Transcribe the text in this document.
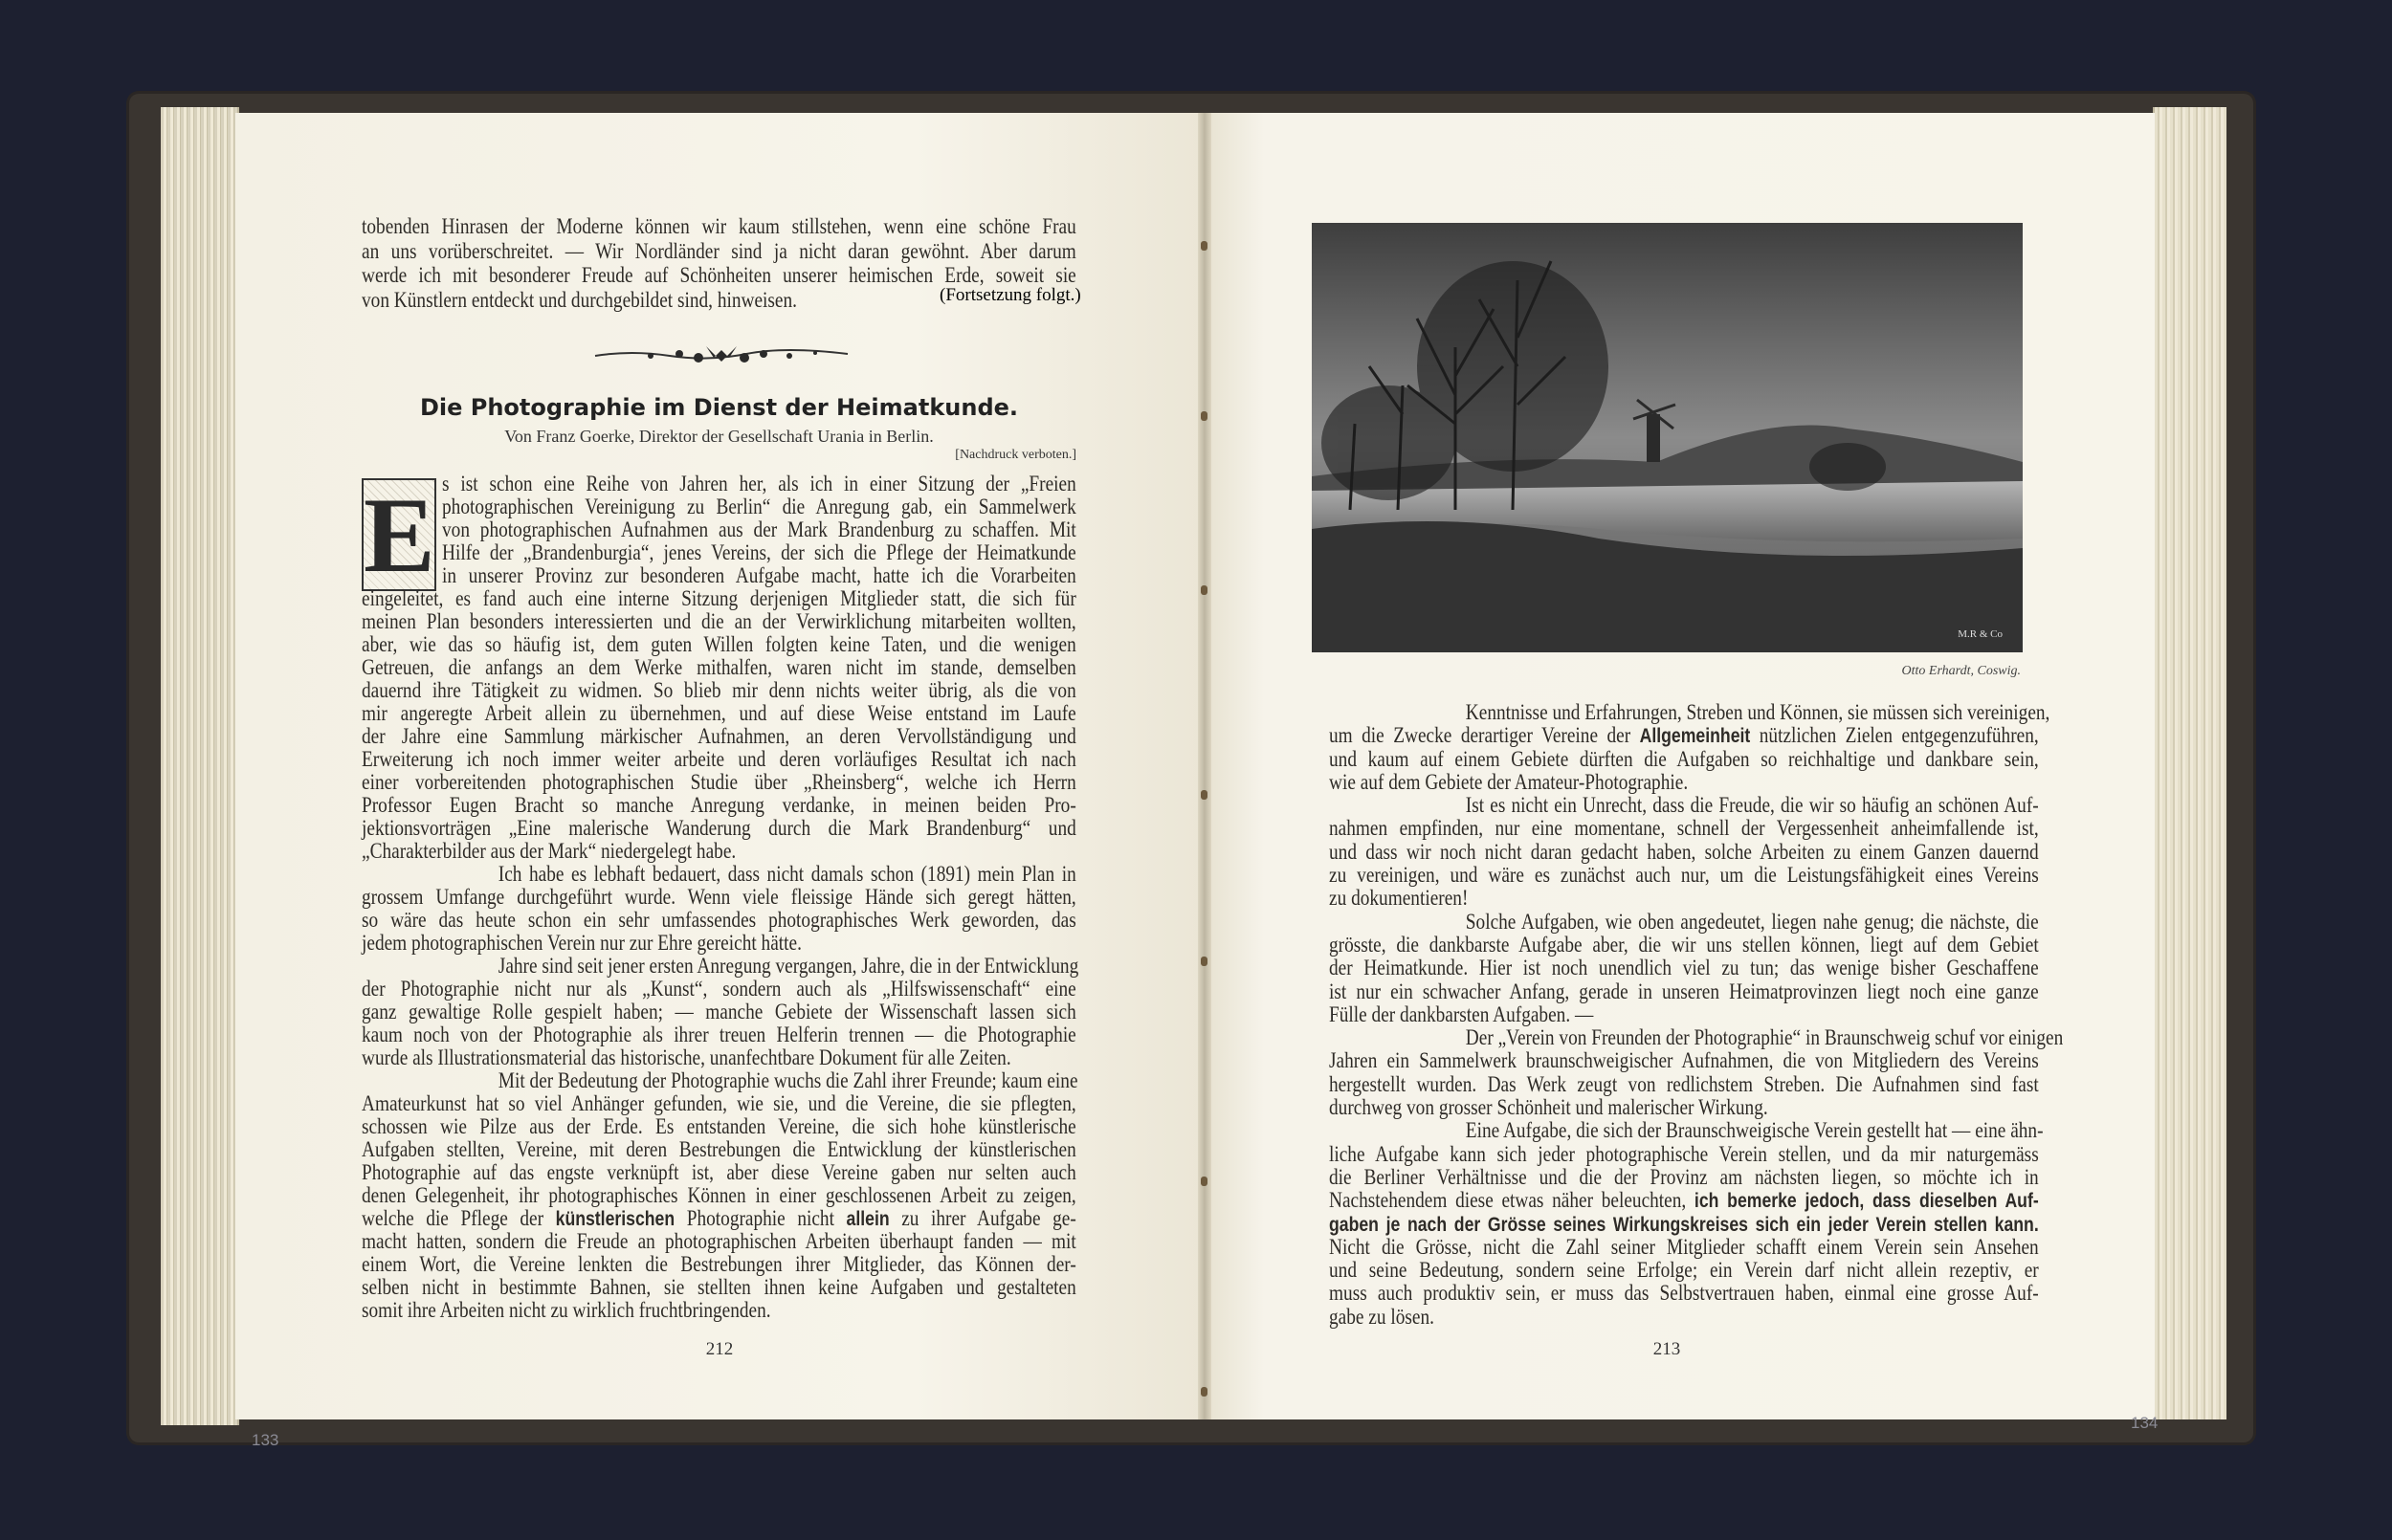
tobenden Hinrasen der Moderne können wir kaum stillstehen, wenn eine schöne Frau
an uns vorüberschreitet. — Wir Nordländer sind ja nicht daran gewöhnt. Aber darum
werde ich mit besonderer Freude auf Schönheiten unserer heimischen Erde, soweit sie
von Künstlern entdeckt und durchgebildet sind, hinweisen.	(Fortsetzung folgt.)
Die Photographie im Dienst der Heimatkunde.
Von Franz Goerke, Direktor der Gesellschaft Urania in Berlin.
[Nachdruck verboten.]
E s ist schon eine Reihe von Jahren her, als ich in einer Sitzung der „Freien
photographischen Vereinigung zu Berlin“ die Anregung gab, ein Sammelwerk
von photographischen Aufnahmen aus der Mark Brandenburg zu schaffen. Mit
Hilfe der „Brandenburgia“, jenes Vereins, der sich die Pflege der Heimatkunde
in unserer Provinz zur besonderen Aufgabe macht, hatte ich die Vorarbeiten
eingeleitet, es fand auch eine interne Sitzung derjenigen Mitglieder statt, die sich für
meinen Plan besonders interessierten und die an der Verwirklichung mitarbeiten wollten,
aber, wie das so häufig ist, dem guten Willen folgten keine Taten, und die wenigen
Getreuen, die anfangs an dem Werke mithalfen, waren nicht im stande, demselben
dauernd ihre Tätigkeit zu widmen. So blieb mir denn nichts weiter übrig, als die von
mir angeregte Arbeit allein zu übernehmen, und auf diese Weise entstand im Laufe
der Jahre eine Sammlung märkischer Aufnahmen, an deren Vervollständigung und
Erweiterung ich noch immer weiter arbeite und deren vorläufiges Resultat ich nach
einer vorbereitenden photographischen Studie über „Rheinsberg“, welche ich Herrn
Professor Eugen Bracht so manche Anregung verdanke, in meinen beiden Pro-
jektionsvorträgen „Eine malerische Wanderung durch die Mark Brandenburg“ und
„Charakterbilder aus der Mark“ niedergelegt habe.
Ich habe es lebhaft bedauert, dass nicht damals schon (1891) mein Plan in
grossem Umfange durchgeführt wurde. Wenn viele fleissige Hände sich geregt hätten,
so wäre das heute schon ein sehr umfassendes photographisches Werk geworden, das
jedem photographischen Verein nur zur Ehre gereicht hätte.
Jahre sind seit jener ersten Anregung vergangen, Jahre, die in der Entwicklung
der Photographie nicht nur als „Kunst“, sondern auch als „Hilfswissenschaft“ eine
ganz gewaltige Rolle gespielt haben; — manche Gebiete der Wissenschaft lassen sich
kaum noch von der Photographie als ihrer treuen Helferin trennen — die Photographie
wurde als Illustrationsmaterial das historische, unanfechtbare Dokument für alle Zeiten.
Mit der Bedeutung der Photographie wuchs die Zahl ihrer Freunde; kaum eine
Amateurkunst hat so viel Anhänger gefunden, wie sie, und die Vereine, die sie pflegten,
schossen wie Pilze aus der Erde. Es entstanden Vereine, die sich hohe künstlerische
Aufgaben stellten, Vereine, mit deren Bestrebungen die Entwicklung der künstlerischen
Photographie auf das engste verknüpft ist, aber diese Vereine gaben nur selten auch
denen Gelegenheit, ihr photographisches Können in einer geschlossenen Arbeit zu zeigen,
welche die Pflege der künstlerischen Photographie nicht allein zu ihrer Aufgabe ge-
macht hatten, sondern die Freude an photographischen Arbeiten überhaupt fanden — mit
einem Wort, die Vereine lenkten die Bestrebungen ihrer Mitglieder, das Können der-
selben nicht in bestimmte Bahnen, sie stellten ihnen keine Aufgaben und gestalteten
somit ihre Arbeiten nicht zu wirklich fruchtbringenden.
212
133
M.R & Co
Otto Erhardt, Coswig.
Kenntnisse und Erfahrungen, Streben und Können, sie müssen sich vereinigen,
um die Zwecke derartiger Vereine der Allgemeinheit nützlichen Zielen entgegenzuführen,
und kaum auf einem Gebiete dürften die Aufgaben so reichhaltige und dankbare sein,
wie auf dem Gebiete der Amateur-Photographie.
Ist es nicht ein Unrecht, dass die Freude, die wir so häufig an schönen Auf-
nahmen empfinden, nur eine momentane, schnell der Vergessenheit anheimfallende ist,
und dass wir noch nicht daran gedacht haben, solche Arbeiten zu einem Ganzen dauernd
zu vereinigen, und wäre es zunächst auch nur, um die Leistungsfähigkeit eines Vereins
zu dokumentieren!
Solche Aufgaben, wie oben angedeutet, liegen nahe genug; die nächste, die
grösste, die dankbarste Aufgabe aber, die wir uns stellen können, liegt auf dem Gebiet
der Heimatkunde. Hier ist noch unendlich viel zu tun; das wenige bisher Geschaffene
ist nur ein schwacher Anfang, gerade in unseren Heimatprovinzen liegt noch eine ganze
Fülle der dankbarsten Aufgaben. —
Der „Verein von Freunden der Photographie“ in Braunschweig schuf vor einigen
Jahren ein Sammelwerk braunschweigischer Aufnahmen, die von Mitgliedern des Vereins
hergestellt wurden. Das Werk zeugt von redlichstem Streben. Die Aufnahmen sind fast
durchweg von grosser Schönheit und malerischer Wirkung.
Eine Aufgabe, die sich der Braunschweigische Verein gestellt hat — eine ähn-
liche Aufgabe kann sich jeder photographische Verein stellen, und da mir naturgemäss
die Berliner Verhältnisse und die der Provinz am nächsten liegen, so möchte ich in
Nachstehendem diese etwas näher beleuchten, ich bemerke jedoch, dass dieselben Auf-
gaben je nach der Grösse seines Wirkungskreises sich ein jeder Verein stellen kann.
Nicht die Grösse, nicht die Zahl seiner Mitglieder schafft einem Verein sein Ansehen
und seine Bedeutung, sondern seine Erfolge; ein Verein darf nicht allein rezeptiv, er
muss auch produktiv sein, er muss das Selbstvertrauen haben, einmal eine grosse Auf-
gabe zu lösen.
213
134
